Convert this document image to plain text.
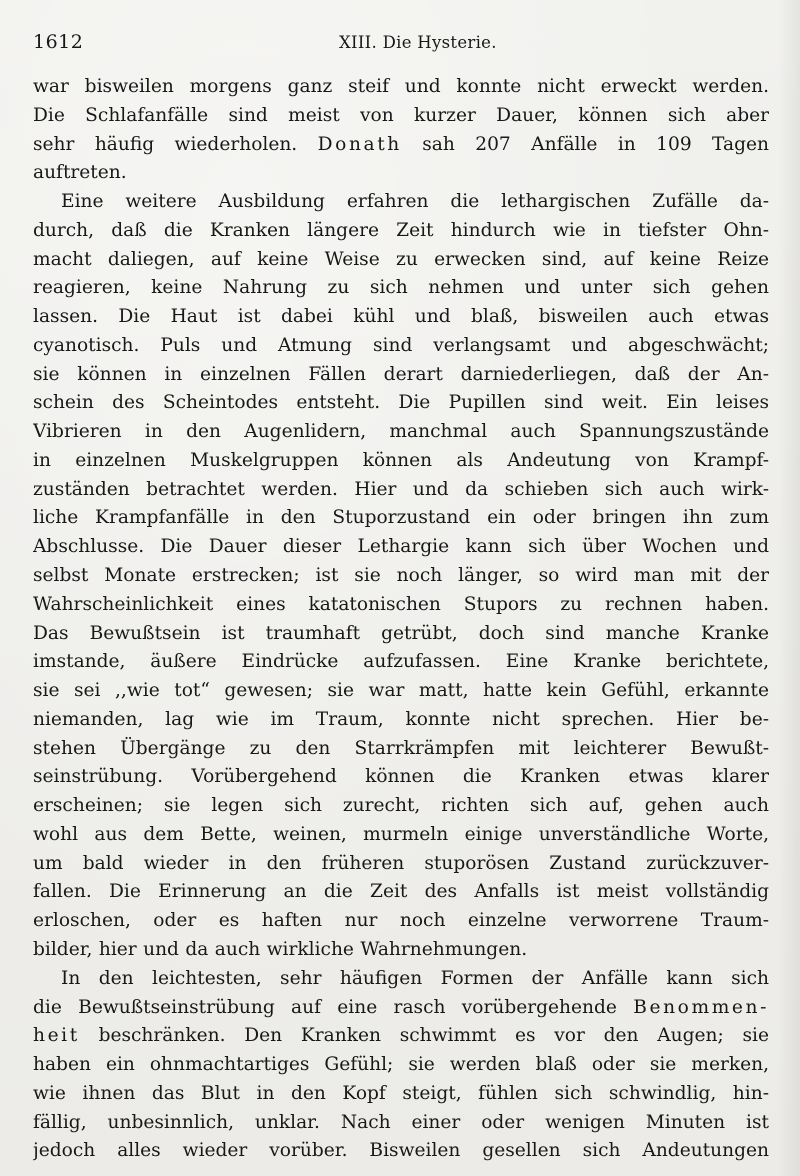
1612	XIII. Die Hysterie.
war bisweilen morgens ganz steif und konnte nicht erweckt werden.
Die Schlafanfälle sind meist von kurzer Dauer, können sich aber
sehr häufig wiederholen. Donath sah 207 Anfälle in 109 Tagen
auftreten.
Eine weitere Ausbildung erfahren die lethargischen Zufälle da-
durch, daß die Kranken längere Zeit hindurch wie in tiefster Ohn-
macht daliegen, auf keine Weise zu erwecken sind, auf keine Reize
reagieren, keine Nahrung zu sich nehmen und unter sich gehen
lassen. Die Haut ist dabei kühl und blaß, bisweilen auch etwas
cyanotisch. Puls und Atmung sind verlangsamt und abgeschwächt;
sie können in einzelnen Fällen derart darniederliegen, daß der An-
schein des Scheintodes entsteht. Die Pupillen sind weit. Ein leises
Vibrieren in den Augenlidern, manchmal auch Spannungszustände
in einzelnen Muskelgruppen können als Andeutung von Krampf-
zuständen betrachtet werden. Hier und da schieben sich auch wirk-
liche Krampfanfälle in den Stuporzustand ein oder bringen ihn zum
Abschlusse. Die Dauer dieser Lethargie kann sich über Wochen und
selbst Monate erstrecken; ist sie noch länger, so wird man mit der
Wahrscheinlichkeit eines katatonischen Stupors zu rechnen haben.
Das Bewußtsein ist traumhaft getrübt, doch sind manche Kranke
imstande, äußere Eindrücke aufzufassen. Eine Kranke berichtete,
sie sei ,,wie tot“ gewesen; sie war matt, hatte kein Gefühl, erkannte
niemanden, lag wie im Traum, konnte nicht sprechen. Hier be-
stehen Übergänge zu den Starrkrämpfen mit leichterer Bewußt-
seinstrübung. Vorübergehend können die Kranken etwas klarer
erscheinen; sie legen sich zurecht, richten sich auf, gehen auch
wohl aus dem Bette, weinen, murmeln einige unverständliche Worte,
um bald wieder in den früheren stuporösen Zustand zurückzuver-
fallen. Die Erinnerung an die Zeit des Anfalls ist meist vollständig
erloschen, oder es haften nur noch einzelne verworrene Traum-
bilder, hier und da auch wirkliche Wahrnehmungen.
In den leichtesten, sehr häufigen Formen der Anfälle kann sich
die Bewußtseinstrübung auf eine rasch vorübergehende Benommen-
heit beschränken. Den Kranken schwimmt es vor den Augen; sie
haben ein ohnmachtartiges Gefühl; sie werden blaß oder sie merken,
wie ihnen das Blut in den Kopf steigt, fühlen sich schwindlig, hin-
fällig, unbesinnlich, unklar. Nach einer oder wenigen Minuten ist
jedoch alles wieder vorüber. Bisweilen gesellen sich Andeutungen
